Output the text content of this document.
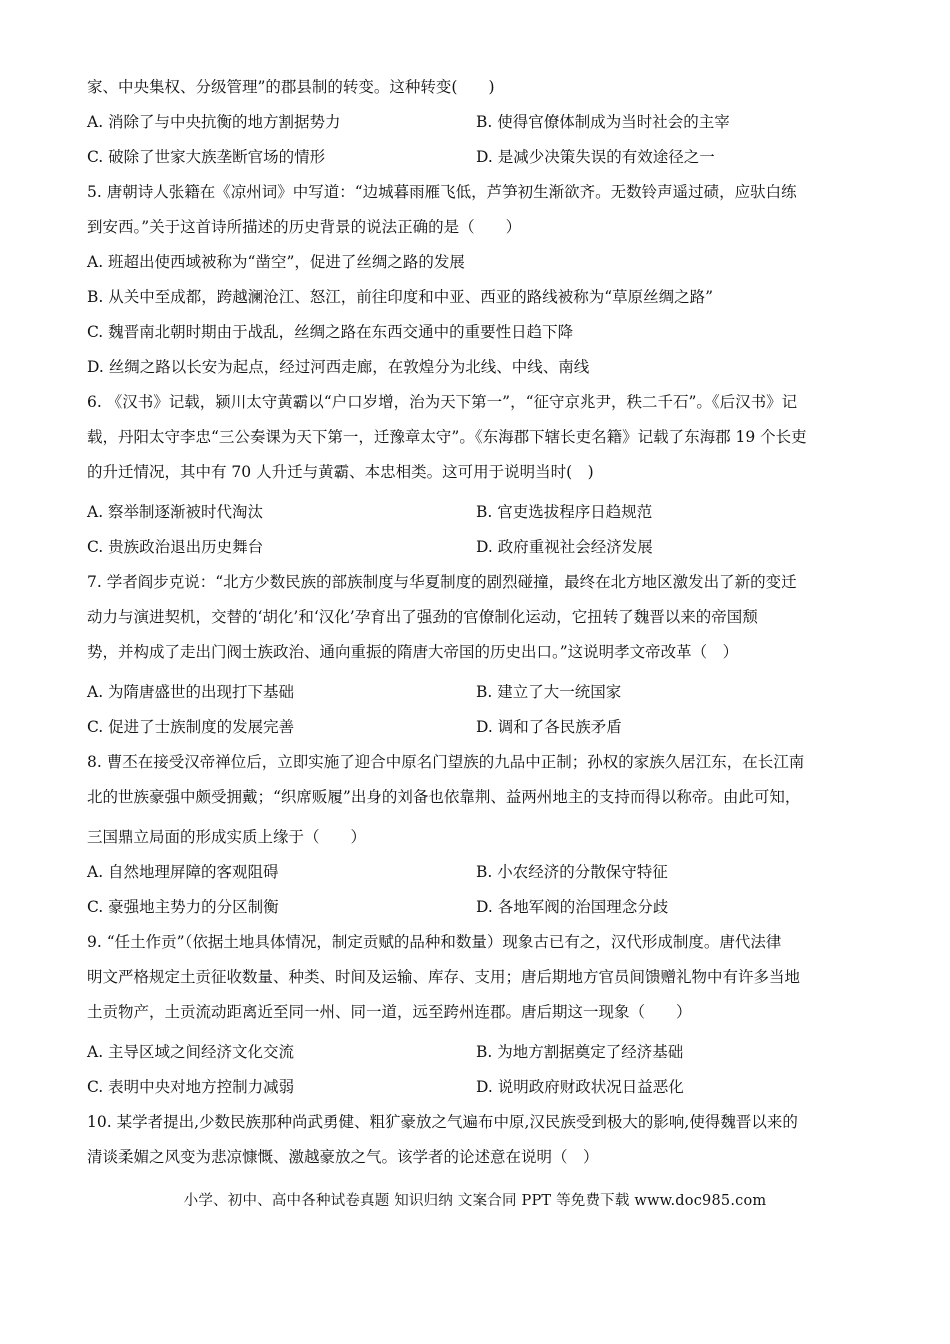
家、中央集权、分级管理”的郡县制的转变。这种转变(　　)
A. 消除了与中央抗衡的地方割据势力	B. 使得官僚体制成为当时社会的主宰
C. 破除了世家大族垄断官场的情形	D. 是减少决策失误的有效途径之一
5. 唐朝诗人张籍在《凉州词》中写道：“边城暮雨雁飞低，芦笋初生渐欲齐。无数铃声遥过碛，应驮白练
到安西。”关于这首诗所描述的历史背景的说法正确的是（　　）
A. 班超出使西域被称为“凿空”，促进了丝绸之路的发展
B. 从关中至成都，跨越澜沧江、怒江，前往印度和中亚、西亚的路线被称为“草原丝绸之路”
C. 魏晋南北朝时期由于战乱，丝绸之路在东西交通中的重要性日趋下降
D. 丝绸之路以长安为起点，经过河西走廊，在敦煌分为北线、中线、南线
6. 《汉书》记载，颍川太守黄霸以“户口岁增，治为天下第一”，“征守京兆尹，秩二千石”。《后汉书》记
载，丹阳太守李忠“三公奏课为天下第一，迁豫章太守”。《东海郡下辖长吏名籍》记载了东海郡 19 个长吏
的升迁情况，其中有 70 人升迁与黄霸、本忠相类。这可用于说明当时(　)
A. 察举制逐渐被时代淘汰	B. 官吏选拔程序日趋规范
C. 贵族政治退出历史舞台	D. 政府重视社会经济发展
7. 学者阎步克说：“北方少数民族的部族制度与华夏制度的剧烈碰撞，最终在北方地区激发出了新的变迁
动力与演进契机，交替的‘胡化’和‘汉化’孕育出了强劲的官僚制化运动，它扭转了魏晋以来的帝国颓
势，并构成了走出门阀士族政治、通向重振的隋唐大帝国的历史出口。”这说明孝文帝改革（　）
A. 为隋唐盛世的出现打下基础	B. 建立了大一统国家
C. 促进了士族制度的发展完善	D. 调和了各民族矛盾
8. 曹丕在接受汉帝禅位后，立即实施了迎合中原名门望族的九品中正制；孙权的家族久居江东，在长江南
北的世族豪强中颇受拥戴；“织席贩履”出身的刘备也依靠荆、益两州地主的支持而得以称帝。由此可知，
三国鼎立局面的形成实质上缘于（　　）
A. 自然地理屏障的客观阻碍	B. 小农经济的分散保守特征
C. 豪强地主势力的分区制衡	D. 各地军阀的治国理念分歧
9. “任土作贡”（依据土地具体情况，制定贡赋的品种和数量）现象古已有之，汉代形成制度。唐代法律
明文严格规定土贡征收数量、种类、时间及运输、库存、支用；唐后期地方官员间馈赠礼物中有许多当地
土贡物产，土贡流动距离近至同一州、同一道，远至跨州连郡。唐后期这一现象（　　）
A. 主导区域之间经济文化交流	B. 为地方割据奠定了经济基础
C. 表明中央对地方控制力减弱	D. 说明政府财政状况日益恶化
10. 某学者提出,少数民族那种尚武勇健、粗犷豪放之气遍布中原,汉民族受到极大的影响,使得魏晋以来的
清谈柔媚之风变为悲凉慷慨、激越豪放之气。该学者的论述意在说明（　）
小学、初中、高中各种试卷真题 知识归纳 文案合同 PPT 等免费下载 www.doc985.com
